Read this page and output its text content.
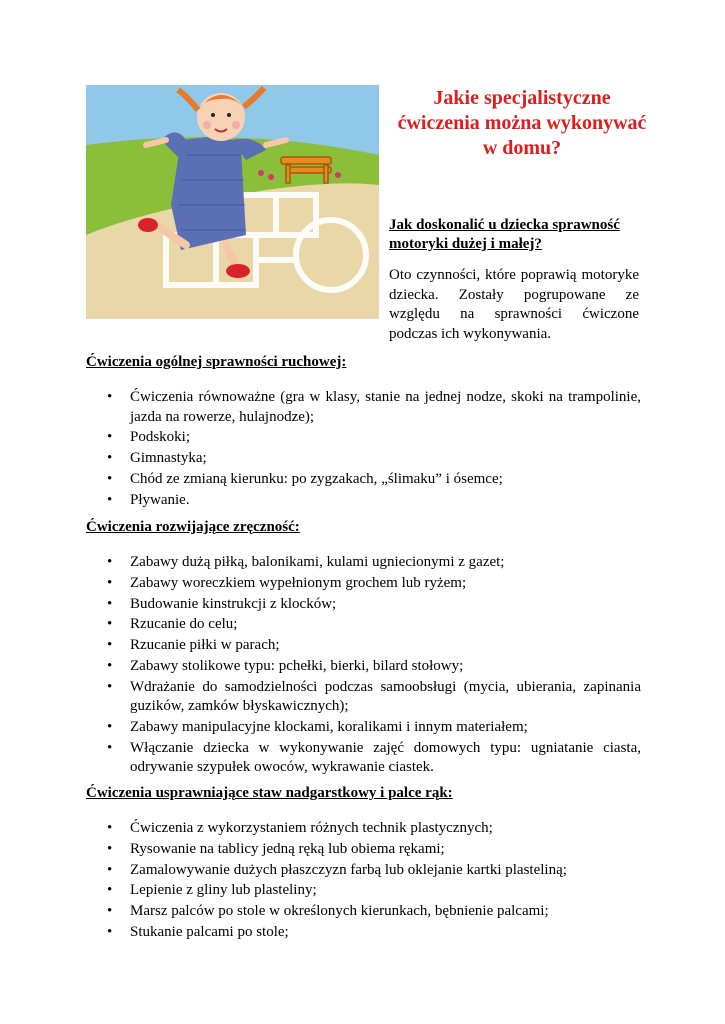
Jakie specjalistyczne
ćwiczenia można wykonywać
w domu?
Jak doskonalić u dziecka sprawność motoryki dużej i małej?
Oto czynności, które poprawią motoryke dziecka. Zostały pogrupowane ze względu na sprawności ćwiczone podczas ich wykonywania.
Ćwiczenia ogólnej sprawności ruchowej:
• Ćwiczenia równoważne (gra w klasy, stanie na jednej nodze, skoki na trampolinie, jazda na rowerze, hulajnodze);
• Podskoki;
• Gimnastyka;
• Chód ze zmianą kierunku: po zygzakach, „ślimaku” i ósemce;
• Pływanie.
Ćwiczenia rozwijające zręczność:
• Zabawy dużą piłką, balonikami, kulami ugniecionymi z gazet;
• Zabawy woreczkiem wypełnionym grochem lub ryżem;
• Budowanie kinstrukcji z klocków;
• Rzucanie do celu;
• Rzucanie piłki w parach;
• Zabawy stolikowe typu: pchełki, bierki, bilard stołowy;
• Wdrażanie do samodzielności podczas samoobsługi (mycia, ubierania, zapinania guzików, zamków błyskawicznych);
• Zabawy manipulacyjne klockami, koralikami i innym materiałem;
• Włączanie dziecka w wykonywanie zajęć domowych typu: ugniatanie ciasta, odrywanie szypułek owoców, wykrawanie ciastek.
Ćwiczenia usprawniające staw nadgarstkowy i palce rąk:
• Ćwiczenia z wykorzystaniem różnych technik plastycznych;
• Rysowanie na tablicy jedną ręką lub obiema rękami;
• Zamalowywanie dużych płaszczyzn farbą lub oklejanie kartki plasteliną;
• Lepienie z gliny lub plasteliny;
• Marsz palców po stole w określonych kierunkach, bębnienie palcami;
• Stukanie palcami po stole;
